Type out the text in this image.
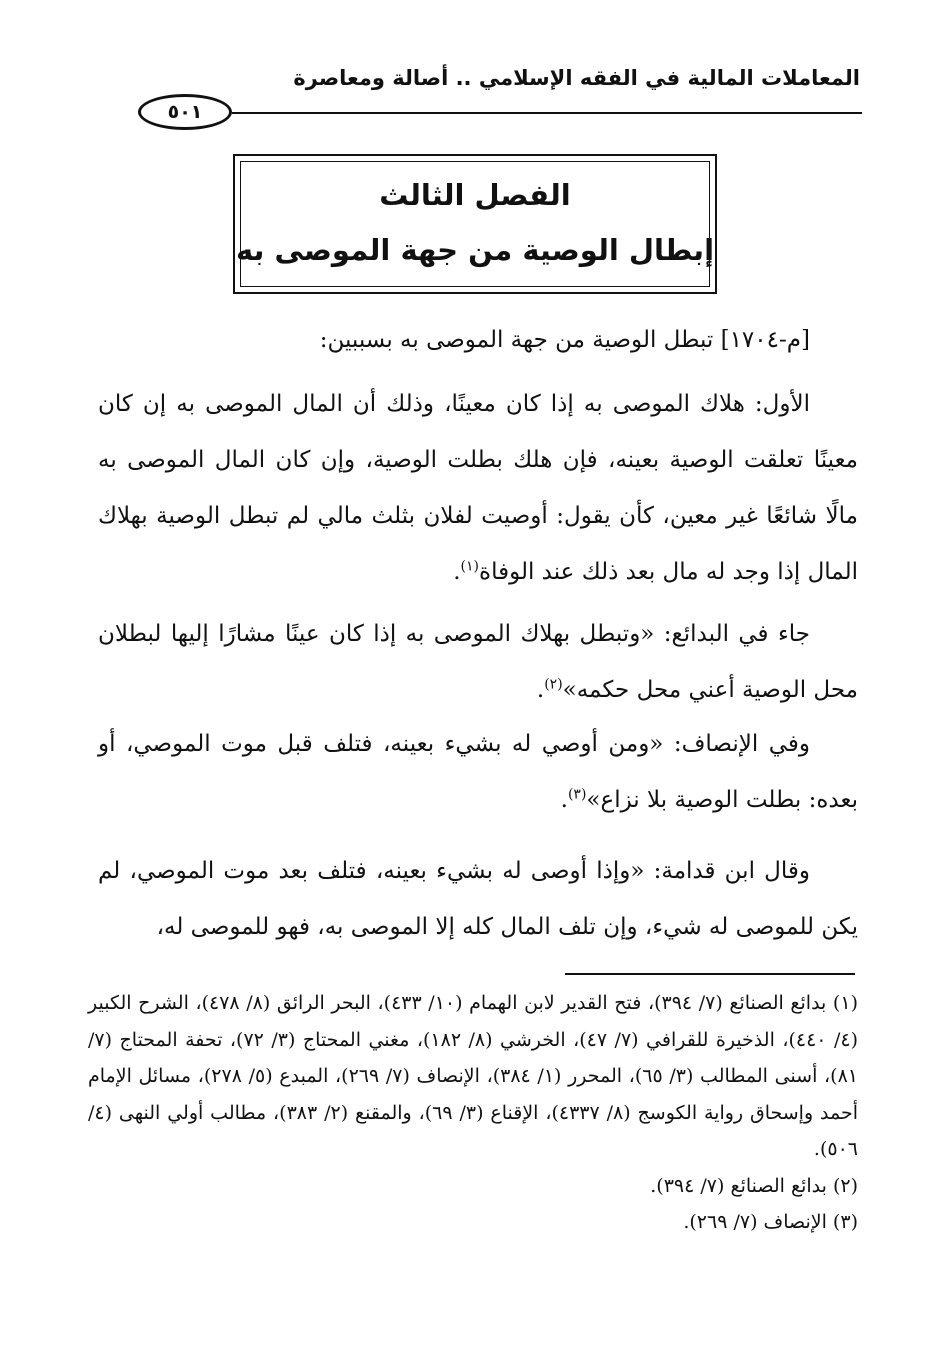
المعاملات المالية في الفقه الإسلامي .. أصالة ومعاصرة
٥٠١
الفصل الثالث
إبطال الوصية من جهة الموصى به

[م-١٧٠٤] تبطل الوصية من جهة الموصى به بسببين:

الأول: هلاك الموصى به إذا كان معينًا، وذلك أن المال الموصى به إن كان معينًا تعلقت الوصية بعينه، فإن هلك بطلت الوصية، وإن كان المال الموصى به مالًا شائعًا غير معين، كأن يقول: أوصيت لفلان بثلث مالي لم تبطل الوصية بهلاك المال إذا وجد له مال بعد ذلك عند الوفاة$^{(١)}$.

جاء في البدائع: «وتبطل بهلاك الموصى به إذا كان عينًا مشارًا إليها لبطلان محل الوصية أعني محل حكمه»$^{(٢)}$.

وفي الإنصاف: «ومن أوصي له بشيء بعينه، فتلف قبل موت الموصي، أو بعده: بطلت الوصية بلا نزاع»$^{(٣)}$.

وقال ابن قدامة: «وإذا أوصى له بشيء بعينه، فتلف بعد موت الموصي، لم يكن للموصى له شيء، وإن تلف المال كله إلا الموصى به، فهو للموصى له،

(١) بدائع الصنائع (٧/ ٣٩٤)، فتح القدير لابن الهمام (١٠/ ٤٣٣)، البحر الرائق (٨/ ٤٧٨)، الشرح الكبير (٤/ ٤٤٠)، الذخيرة للقرافي (٧/ ٤٧)، الخرشي (٨/ ١٨٢)، مغني المحتاج (٣/ ٧٢)، تحفة المحتاج (٧/ ٨١)، أسنى المطالب (٣/ ٦٥)، المحرر (١/ ٣٨٤)، الإنصاف (٧/ ٢٦٩)، المبدع (٥/ ٢٧٨)، مسائل الإمام أحمد وإسحاق رواية الكوسج (٨/ ٤٣٣٧)، الإقناع (٣/ ٦٩)، والمقنع (٢/ ٣٨٣)، مطالب أولي النهى (٤/ ٥٠٦).

(٢) بدائع الصنائع (٧/ ٣٩٤).

(٣) الإنصاف (٧/ ٢٦٩).
